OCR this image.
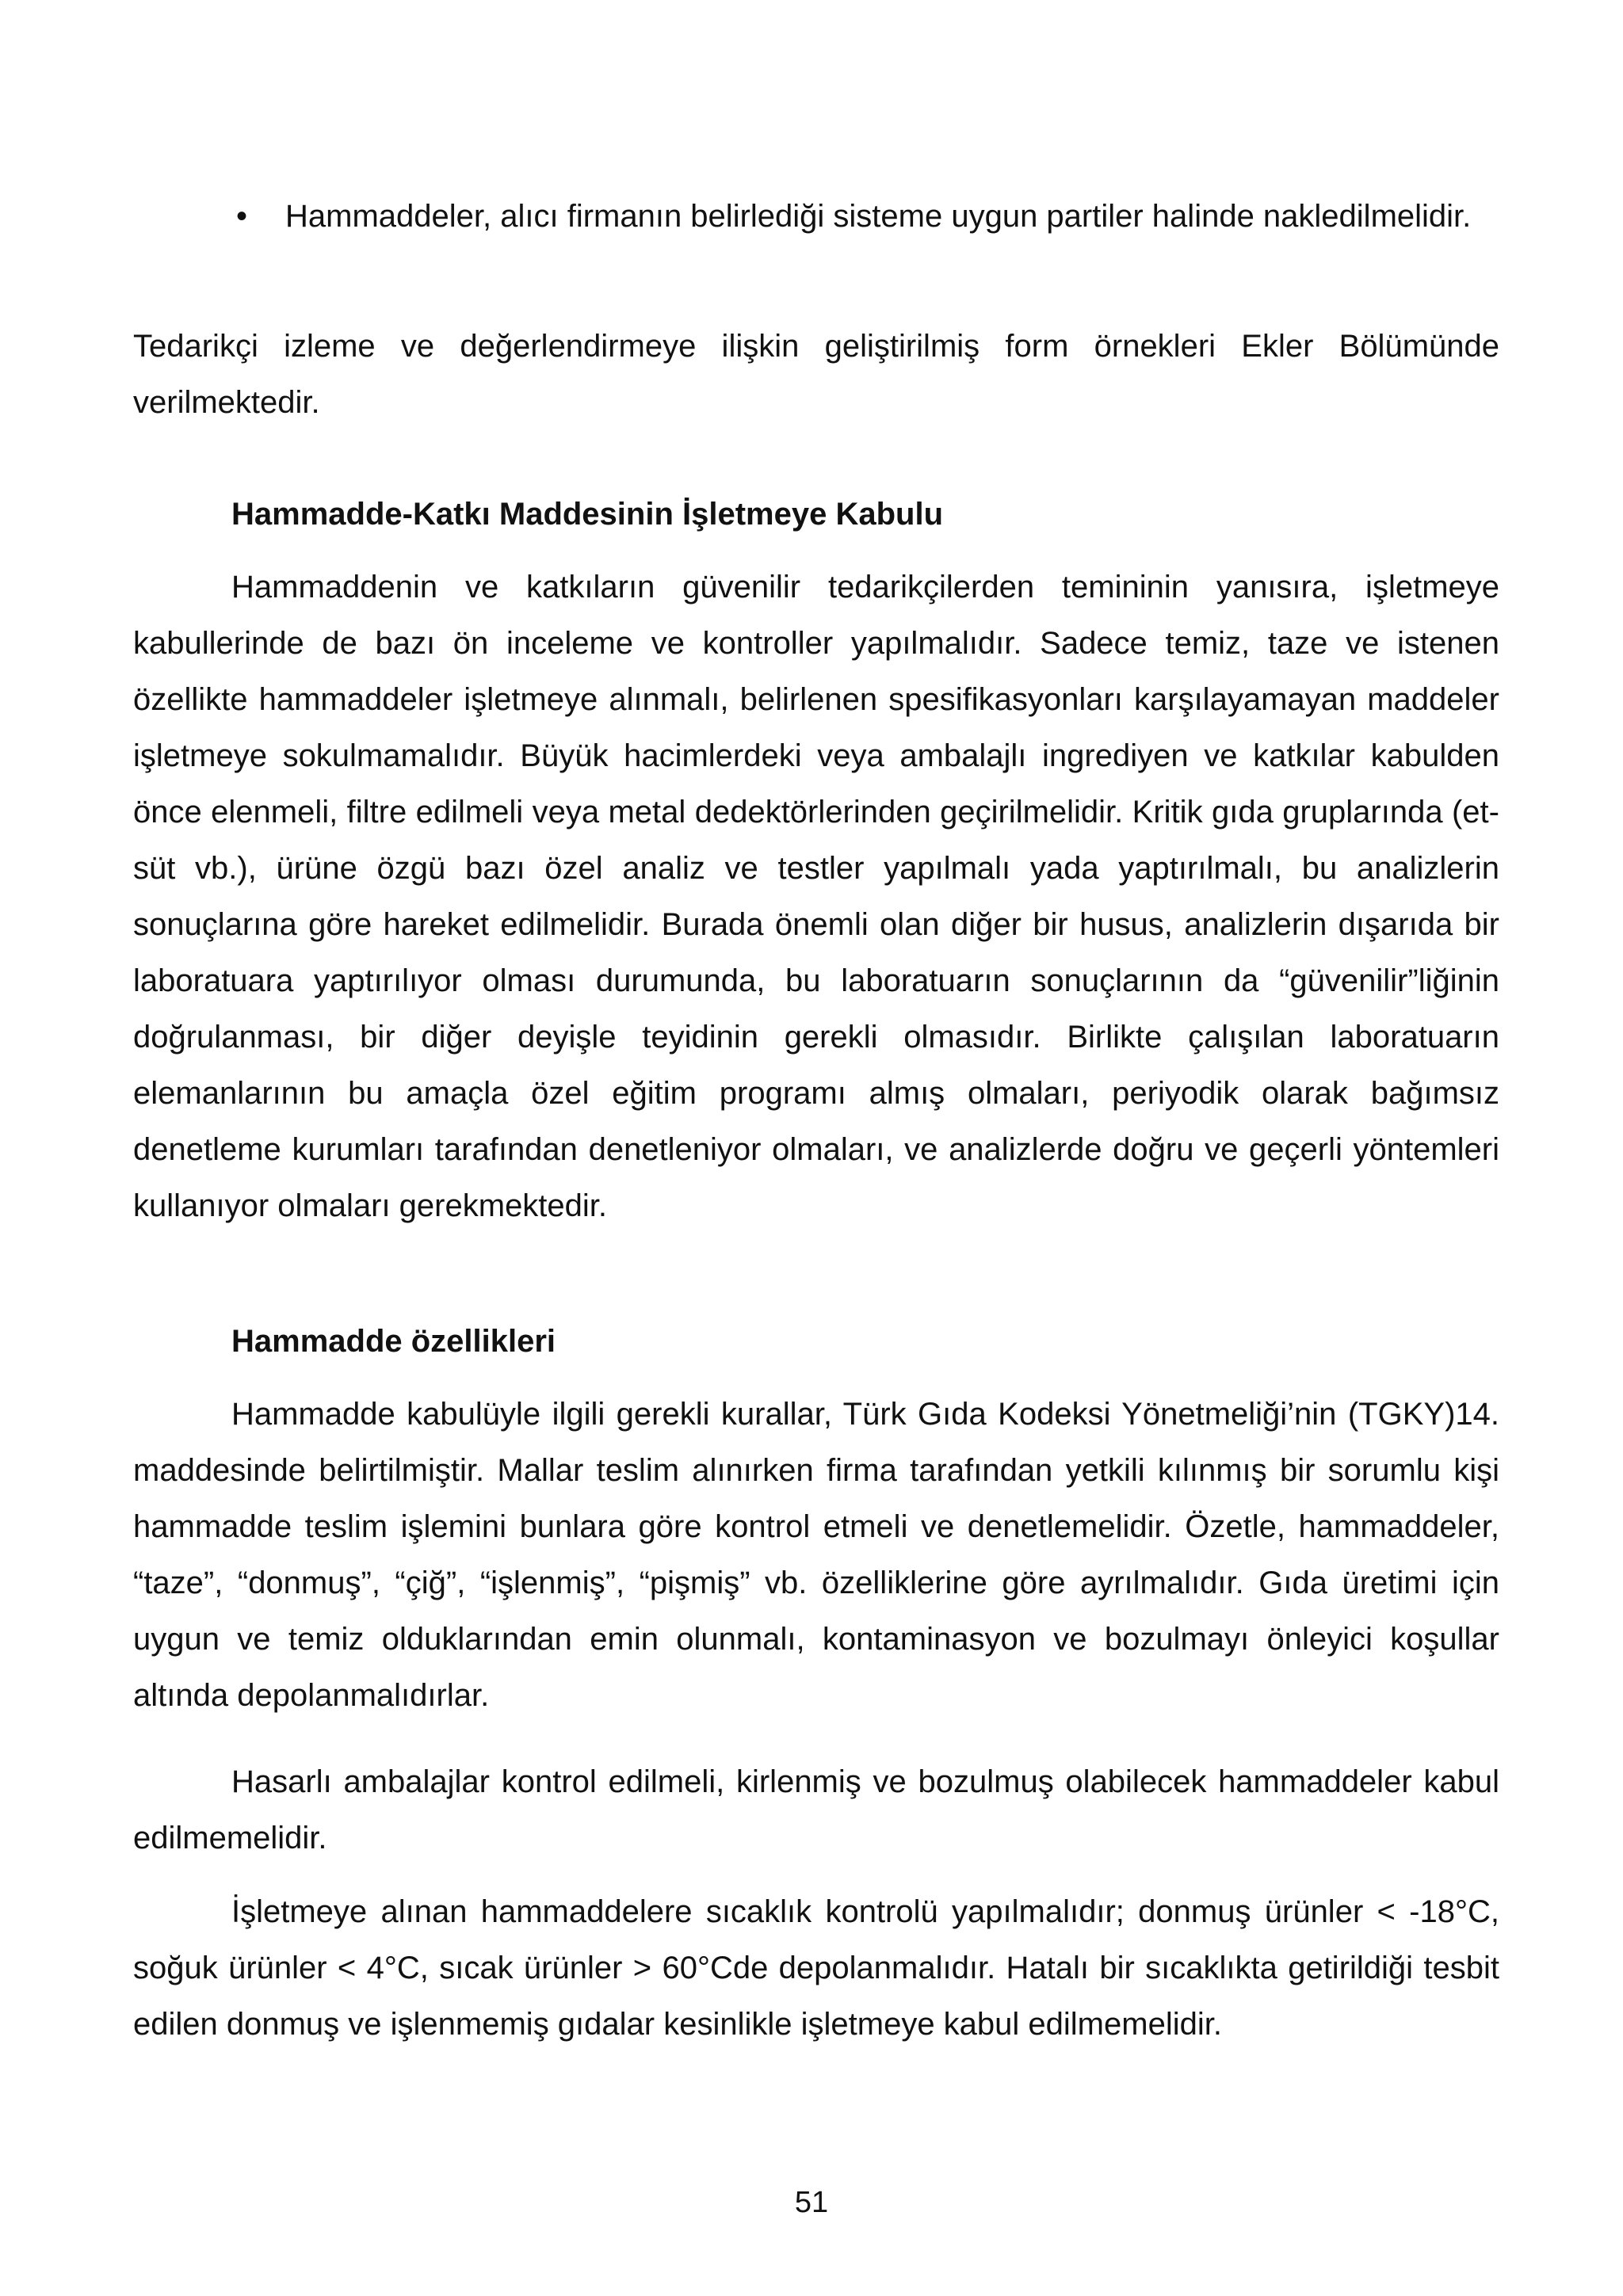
• Hammaddeler, alıcı firmanın belirlediği sisteme uygun partiler halinde nakledilmelidir.

Tedarikçi izleme ve değerlendirmeye ilişkin geliştirilmiş form örnekleri Ekler Bölümünde verilmektedir.

Hammadde-Katkı Maddesinin İşletmeye Kabulu

Hammaddenin ve katkıların güvenilir tedarikçilerden temininin yanısıra, işletmeye kabullerinde de bazı ön inceleme ve kontroller yapılmalıdır. Sadece temiz, taze ve istenen özellikte hammaddeler işletmeye alınmalı, belirlenen spesifikasyonları karşılayamayan maddeler işletmeye sokulmamalıdır. Büyük hacimlerdeki veya ambalajlı ingrediyen ve katkılar kabulden önce elenmeli, filtre edilmeli veya metal dedektörlerinden geçirilmelidir. Kritik gıda gruplarında (et-süt vb.), ürüne özgü bazı özel analiz ve testler yapılmalı yada yaptırılmalı, bu analizlerin sonuçlarına göre hareket edilmelidir. Burada önemli olan diğer bir husus, analizlerin dışarıda bir laboratuara yaptırılıyor olması durumunda, bu laboratuarın sonuçlarının da “güvenilir”liğinin doğrulanması, bir diğer deyişle teyidinin gerekli olmasıdır. Birlikte çalışılan laboratuarın elemanlarının bu amaçla özel eğitim programı almış olmaları, periyodik olarak bağımsız denetleme kurumları tarafından denetleniyor olmaları, ve analizlerde doğru ve geçerli yöntemleri kullanıyor olmaları gerekmektedir.

Hammadde özellikleri

Hammadde kabulüyle ilgili gerekli kurallar, Türk Gıda Kodeksi Yönetmeliği’nin (TGKY)14. maddesinde belirtilmiştir. Mallar teslim alınırken firma tarafından yetkili kılınmış bir sorumlu kişi hammadde teslim işlemini bunlara göre kontrol etmeli ve denetlemelidir. Özetle, hammaddeler, “taze”, “donmuş”, “çiğ”, “işlenmiş”, “pişmiş” vb. özelliklerine göre ayrılmalıdır. Gıda üretimi için uygun ve temiz olduklarından emin olunmalı, kontaminasyon ve bozulmayı önleyici koşullar altında depolanmalıdırlar.

Hasarlı ambalajlar kontrol edilmeli, kirlenmiş ve bozulmuş olabilecek hammaddeler kabul edilmemelidir.

İşletmeye alınan hammaddelere sıcaklık kontrolü yapılmalıdır; donmuş ürünler < -18°C, soğuk ürünler < 4°C, sıcak ürünler > 60°Cde depolanmalıdır. Hatalı bir sıcaklıkta getirildiği tesbit edilen donmuş ve işlenmemiş gıdalar kesinlikle işletmeye kabul edilmemelidir.

51
